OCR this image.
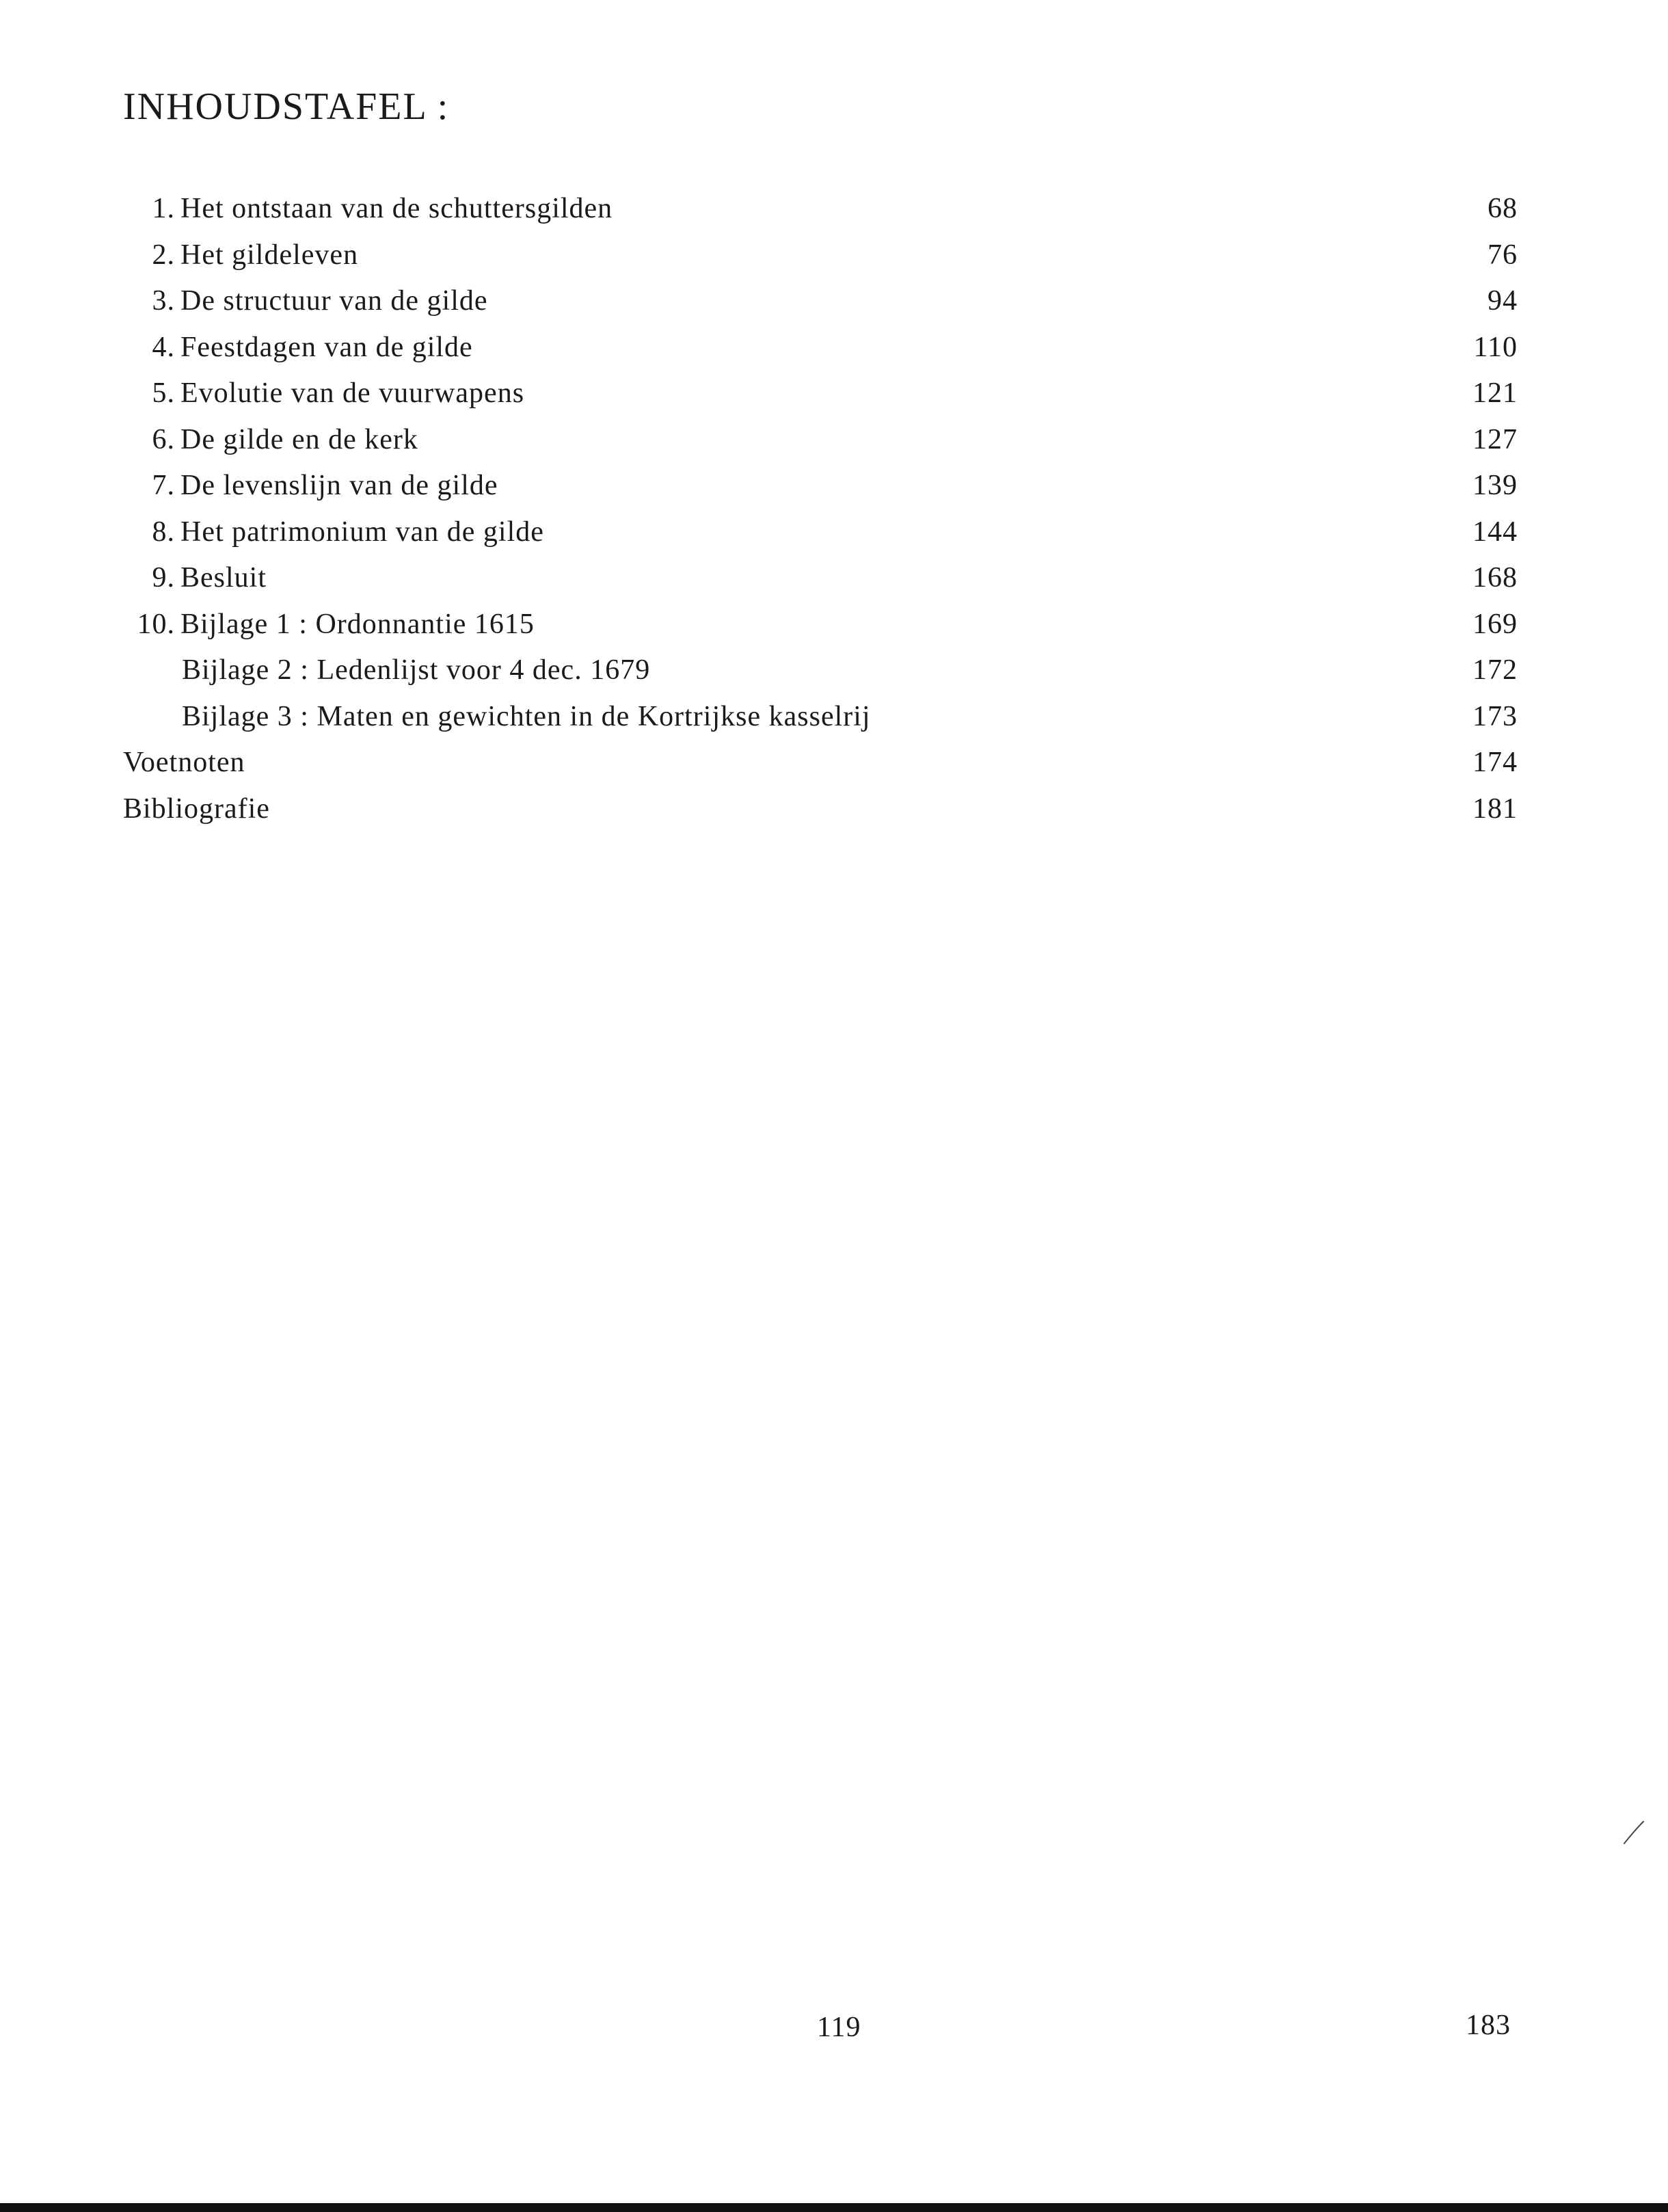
INHOUDSTAFEL :
1. Het ontstaan van de schuttersgilden	68
2. Het gildeleven	76
3. De structuur van de gilde	94
4. Feestdagen van de gilde	110
5. Evolutie van de vuurwapens	121
6. De gilde en de kerk	127
7. De levenslijn van de gilde	139
8. Het patrimonium van de gilde	144
9. Besluit	168
10. Bijlage 1 : Ordonnantie 1615	169
Bijlage 2 : Ledenlijst voor 4 dec. 1679	172
Bijlage 3 : Maten en gewichten in de Kortrijkse kasselrij	173
Voetnoten	174
Bibliografie	181
119	183
